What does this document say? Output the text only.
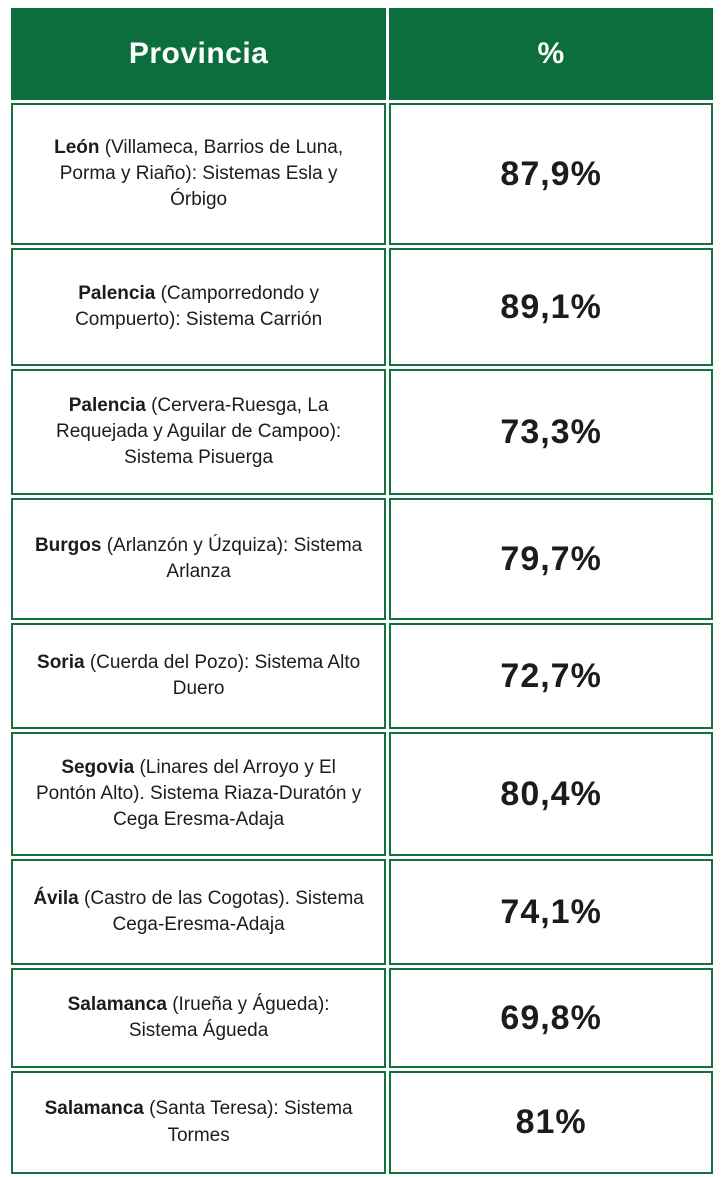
Provincia	%
León (Villameca, Barrios de Luna, Porma y Riaño): Sistemas Esla y Órbigo	87,9%
Palencia (Camporredondo y Compuerto): Sistema Carrión	89,1%
Palencia (Cervera-Ruesga, La Requejada y Aguilar de Campoo): Sistema Pisuerga	73,3%
Burgos (Arlanzón y Úzquiza): Sistema Arlanza	79,7%
Soria (Cuerda del Pozo): Sistema Alto Duero	72,7%
Segovia (Linares del Arroyo y El Pontón Alto). Sistema Riaza-Duratón y Cega Eresma-Adaja	80,4%
Ávila (Castro de las Cogotas). Sistema Cega-Eresma-Adaja	74,1%
Salamanca (Irueña y Águeda): Sistema Águeda	69,8%
Salamanca (Santa Teresa): Sistema Tormes	81%
